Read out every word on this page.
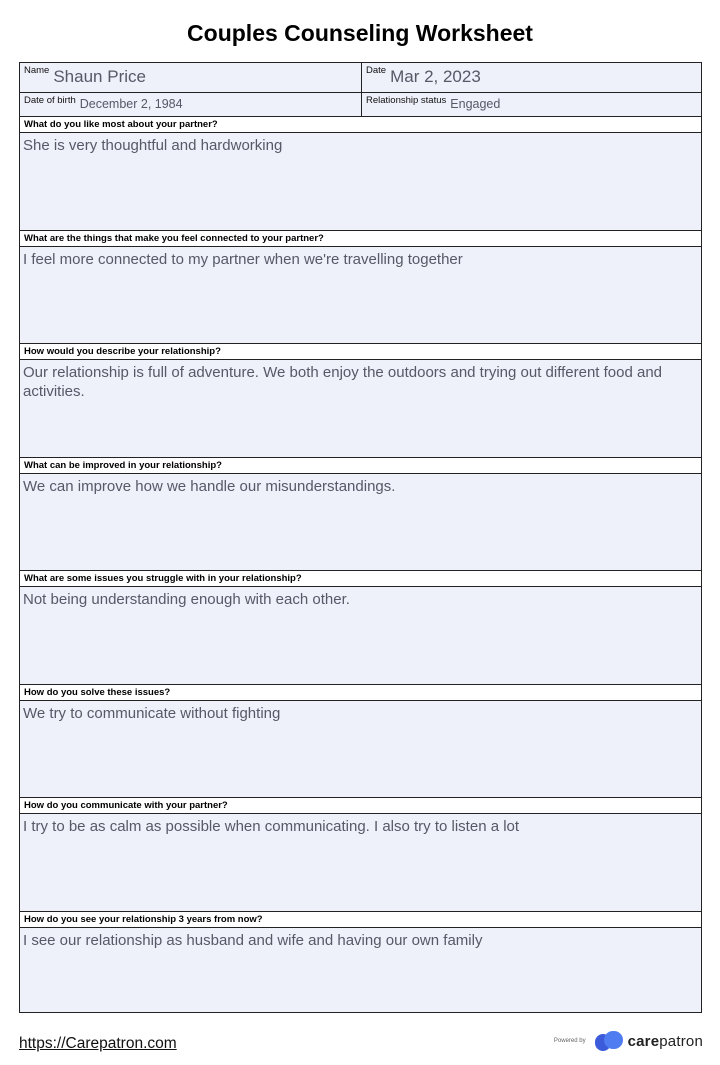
Couples Counseling Worksheet
Name Shaun Price	Date Mar 2, 2023
Date of birth December 2, 1984	Relationship status Engaged
What do you like most about your partner?
She is very thoughtful and hardworking
What are the things that make you feel connected to your partner?
I feel more connected to my partner when we're travelling together
How would you describe your relationship?
Our relationship is full of adventure. We both enjoy the outdoors and trying out different food and activities.
What can be improved in your relationship?
We can improve how we handle our misunderstandings.
What are some issues you struggle with in your relationship?
Not being understanding enough with each other.
How do you solve these issues?
We try to communicate without fighting
How do you communicate with your partner?
I try to be as calm as possible when communicating. I also try to listen a lot
How do you see your relationship 3 years from now?
I see our relationship as husband and wife and having our own family
https://Carepatron.com	Powered by	carepatron
